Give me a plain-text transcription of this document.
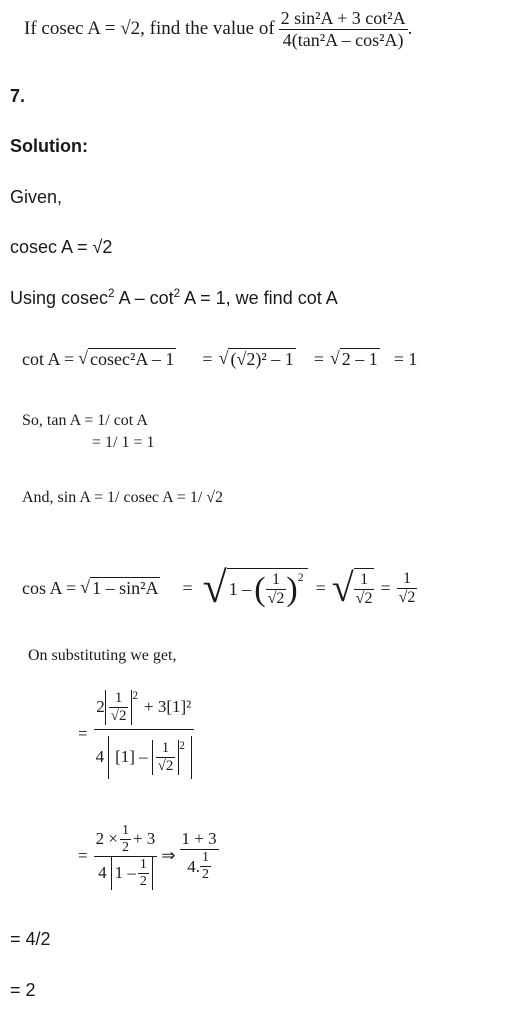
If cosec A = √2, find the value of $\frac{\text{2 sin²A + 3 cot²A}}{\text{4(tan²A – cos²A)}}$ .
7.
Solution:
Given,
cosec A = √2
Using cosec$^2$ $A - \cot^2 A = 1$, we find cot A
cot A = √ cosec²A – 1 = √ (√2)² – 1 = √ 2 – 1 = 1
So, tan A = 1/ cot A
= 1/ 1 = 1
And, sin A = 1/ cosec A = 1/ √2
cos A = √ 1 – sin²A = √ 1 – ( $\frac{1}{√2} )^2$
= √ $\frac{1}{√2} = \frac{1}{√2}$
On substituting we get,
=
$2 \frac{1}{√2} ^2$
+ 3[1]²
4 $[1] - \frac{1}{√2} ^2$
= $\frac{2 \times \frac{1}{2} + 3}{4 1 - \frac{1}{2}}$ ⇒ $\frac{1 + 3}{4. \frac{1}{2}}$
= 4/2
= 2
